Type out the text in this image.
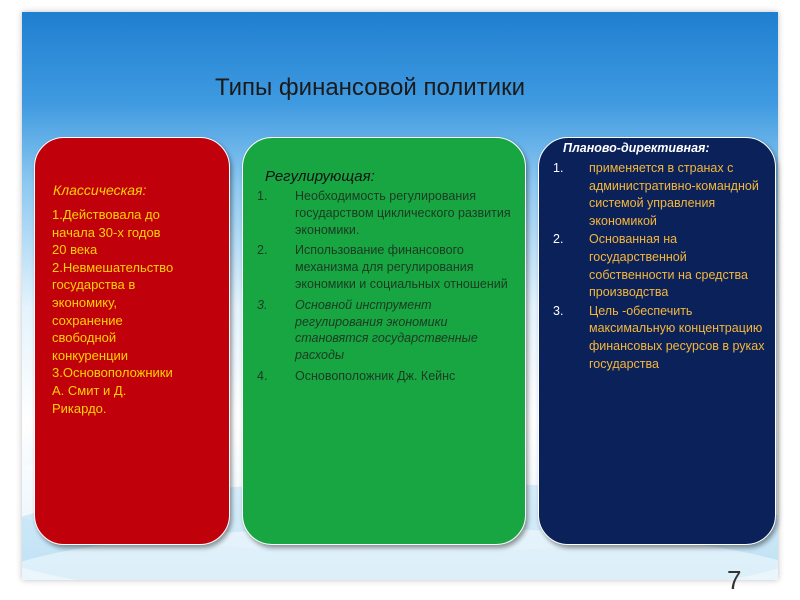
Типы финансовой политики

Классическая:

1.Действовала до
начала 30-х годов
20 века
2.Невмешательство
государства в
экономику,
сохранение
свободной
конкуренции
3.Основоположники
А. Смит и Д.
Рикардо.

Регулирующая:

1.	Необходимость регулирования государством циклического развития экономики.
2.	Использование финансового механизма для регулирования экономики и социальных отношений
3.	Основной инструмент регулирования экономики становятся государственные расходы
4.	Основоположник Дж. Кейнс

Планово-директивная:

1.	применяется в странах с административно-командной системой управления экономикой
2.	Основанная на государственной собственности на средства производства
3.	Цель -обеспечить максимальную концентрацию финансовых ресурсов в руках государства
7
